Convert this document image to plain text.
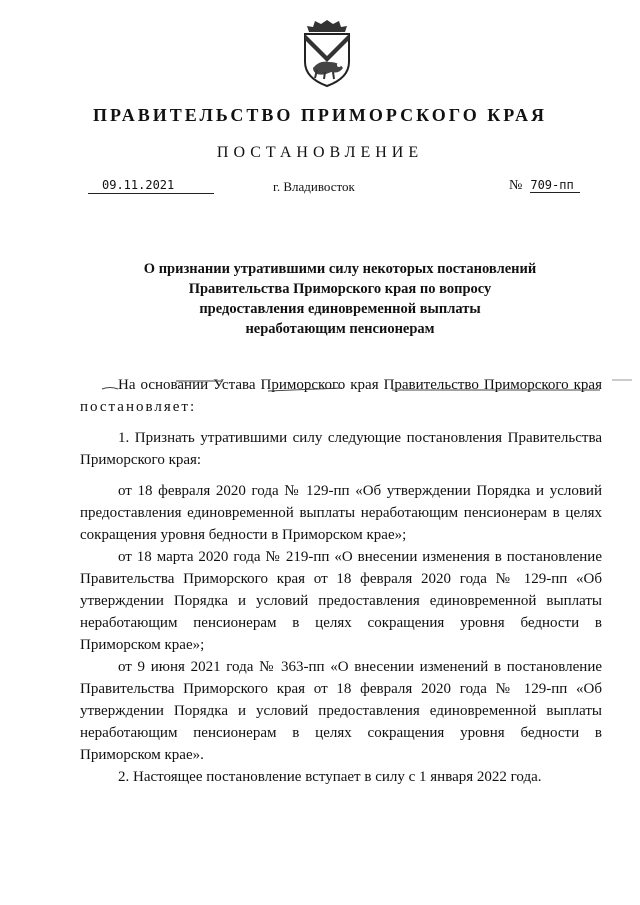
ПРАВИТЕЛЬСТВО ПРИМОРСКОГО КРАЯ
ПОСТАНОВЛЕНИЕ
09.11.2021	г. Владивосток	№ 709-пп
О признании утратившими силу некоторых постановлений
Правительства Приморского края по вопросу
предоставления единовременной выплаты
неработающим пенсионерам

На основании Устава Приморского края Правительство Приморского края постановляет:

1. Признать утратившими силу следующие постановления Правительства Приморского края:

от 18 февраля 2020 года № 129-пп «Об утверждении Порядка и условий предоставления единовременной выплаты неработающим пенсионерам в целях сокращения уровня бедности в Приморском крае»;

от 18 марта 2020 года № 219-пп «О внесении изменения в постановление Правительства Приморского края от 18 февраля 2020 года № 129-пп «Об утверждении Порядка и условий предоставления единовременной выплаты неработающим пенсионерам в целях сокращения уровня бедности в Приморском крае»;

от 9 июня 2021 года № 363-пп «О внесении изменений в постановление Правительства Приморского края от 18 февраля 2020 года № 129-пп «Об утверждении Порядка и условий предоставления единовременной выплаты неработающим пенсионерам в целях сокращения уровня бедности в Приморском крае».

2. Настоящее постановление вступает в силу с 1 января 2022 года.
